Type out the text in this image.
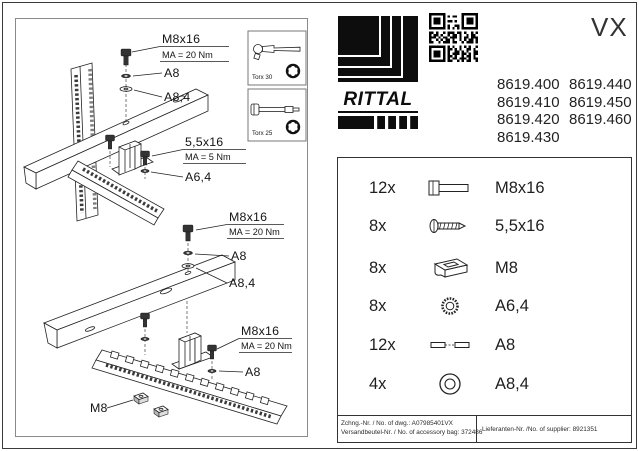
M8x16
MA = 20 Nm
A8
A8,4
5,5x16
MA = 5 Nm
A6,4
M8x16
MA = 20 Nm
A8
A8,4
M8x16
MA = 20 Nm
A8
M8
Torx 30
Torx 25
RITTAL
VX
8619.400
8619.410
8619.420
8619.430
8619.440
8619.450
8619.460
12x	M8x16
8x	5,5x16
8x	M8
8x	A6,4
12x	A8
4x	A8,4
Zchng.-Nr. / No. of dwg.: A07985401VX
Versandbeutel-Nr. / No. of accessory bag: 372486 Lieferanten-Nr. /No. of supplier: 8921351
